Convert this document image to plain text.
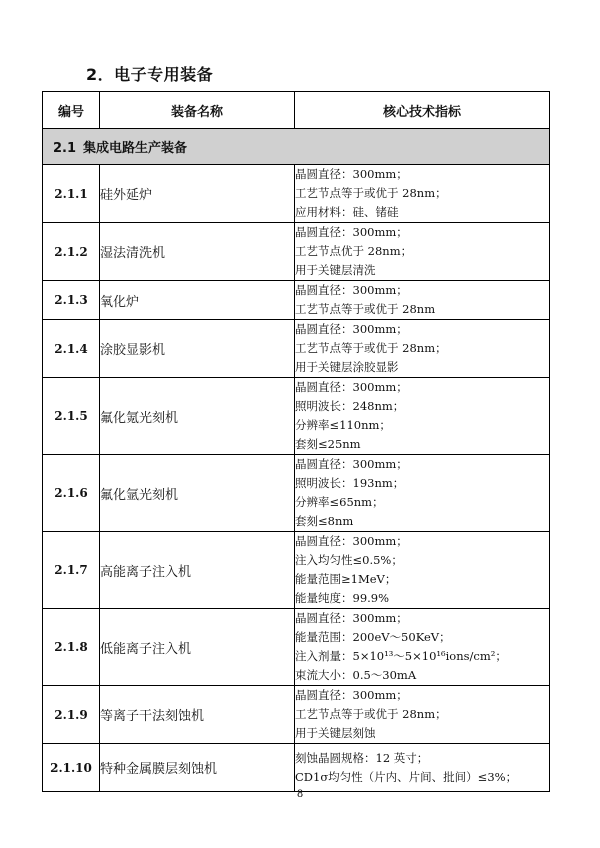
2．电子专用装备
编号	装备名称	核心技术指标
2.1 集成电路生产装备		
2.1.1	硅外延炉	晶圆直径：300mm；
工艺节点等于或优于 28nm；
应用材料：硅、锗硅

2.1.2	湿法清洗机	晶圆直径：300mm；
工艺节点优于 28nm；
用于关键层清洗

2.1.3	氧化炉	晶圆直径：300mm；
工艺节点等于或优于 28nm

2.1.4	涂胶显影机	晶圆直径：300mm；
工艺节点等于或优于 28nm；
用于关键层涂胶显影

2.1.5	氟化氪光刻机	晶圆直径：300mm；
照明波长：248nm；
分辨率≤110nm；
套刻≤25nm

2.1.6	氟化氩光刻机	晶圆直径：300mm；
照明波长：193nm；
分辨率≤65nm；
套刻≤8nm

2.1.7	高能离子注入机	晶圆直径：300mm；
注入均匀性≤0.5%；
能量范围≥1MeV；
能量纯度：99.9%

2.1.8	低能离子注入机	晶圆直径：300mm；
能量范围：200eV～50KeV；
注入剂量：5×10¹³～5×10¹⁶ions/cm²；
束流大小：0.5～30mA

2.1.9	等离子干法刻蚀机	晶圆直径：300mm；
工艺节点等于或优于 28nm；
用于关键层刻蚀

2.1.10	特种金属膜层刻蚀机	刻蚀晶圆规格：12 英寸；
CD1σ均匀性（片内、片间、批间）≤3%；
8
